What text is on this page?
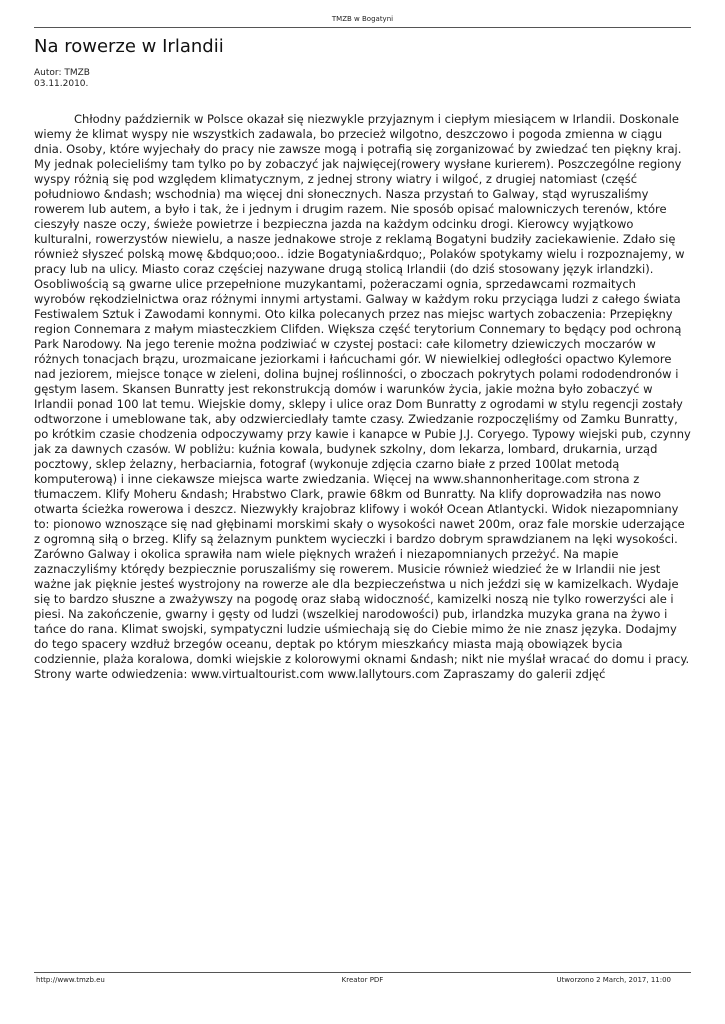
TMZB w Bogatyni
Na rowerze w Irlandii
Autor: TMZB
03.11.2010.
Chłodny październik w Polsce okazał się niezwykle przyjaznym i ciepłym miesiącem w Irlandii. Doskonale wiemy że klimat wyspy nie wszystkich zadawala, bo przecież wilgotno, deszczowo i pogoda zmienna w ciągu dnia. Osoby, które wyjechały do pracy nie zawsze mogą i potrafią się zorganizować by zwiedzać ten piękny kraj. My jednak polecieliśmy tam tylko po by zobaczyć jak najwięcej(rowery wysłane kurierem). Poszczególne regiony wyspy różnią się pod względem klimatycznym, z jednej strony wiatry i wilgoć, z drugiej natomiast (część południowo &ndash; wschodnia) ma więcej dni słonecznych. Nasza przystań to Galway, stąd wyruszaliśmy rowerem lub autem, a było i tak, że i jednym i drugim razem. Nie sposób opisać malowniczych terenów, które cieszyły nasze oczy, świeże powietrze i bezpieczna jazda na każdym odcinku drogi. Kierowcy wyjątkowo kulturalni, rowerzystów niewielu, a nasze jednakowe stroje z reklamą Bogatyni budziły zaciekawienie. Zdało się również słyszeć polską mowę &bdquo;ooo.. idzie Bogatynia&rdquo;, Polaków spotykamy wielu i rozpoznajemy, w pracy lub na ulicy. Miasto coraz częściej nazywane drugą stolicą Irlandii (do dziś stosowany język irlandzki). Osobliwością są gwarne ulice przepełnione muzykantami, pożeraczami ognia, sprzedawcami rozmaitych wyrobów rękodzielnictwa oraz różnymi innymi artystami. Galway w każdym roku przyciąga ludzi z całego świata Festiwalem Sztuk i Zawodami konnymi. Oto kilka polecanych przez nas miejsc wartych zobaczenia: Przepiękny region Connemara z małym miasteczkiem Clifden. Większa część terytorium Connemary to będący pod ochroną Park Narodowy. Na jego terenie można podziwiać w czystej postaci: całe kilometry dziewiczych moczarów w różnych tonacjach brązu, urozmaicane jeziorkami i łańcuchami gór. W niewielkiej odległości opactwo Kylemore nad jeziorem, miejsce tonące w zieleni, dolina bujnej roślinności, o zboczach pokrytych polami rododendronów i gęstym lasem. Skansen Bunratty jest rekonstrukcją domów i warunków życia, jakie można było zobaczyć w Irlandii ponad 100 lat temu. Wiejskie domy, sklepy i ulice oraz Dom Bunratty z ogrodami w stylu regencji zostały odtworzone i umeblowane tak, aby odzwierciedlały tamte czasy. Zwiedzanie rozpoczęliśmy od Zamku Bunratty, po krótkim czasie chodzenia odpoczywamy przy kawie i kanapce w Pubie J.J. Coryego. Typowy wiejski pub, czynny jak za dawnych czasów. W pobliżu: kuźnia kowala, budynek szkolny, dom lekarza, lombard, drukarnia, urząd pocztowy, sklep żelazny, herbaciarnia, fotograf (wykonuje zdjęcia czarno białe z przed 100lat metodą komputerową) i inne ciekawsze miejsca warte zwiedzania. Więcej na www.shannonheritage.com strona z tłumaczem. Klify Moheru &ndash; Hrabstwo Clark, prawie 68km od Bunratty. Na klify doprowadziła nas nowo otwarta ścieżka rowerowa i deszcz. Niezwykły krajobraz klifowy i wokół Ocean Atlantycki. Widok niezapomniany to: pionowo wznoszące się nad głębinami morskimi skały o wysokości nawet 200m, oraz fale morskie uderzające z ogromną siłą o brzeg. Klify są żelaznym punktem wycieczki i bardzo dobrym sprawdzianem na lęki wysokości. Zarówno Galway i okolica sprawiła nam wiele pięknych wrażeń i niezapomnianych przeżyć. Na mapie zaznaczyliśmy którędy bezpiecznie poruszaliśmy się rowerem. Musicie również wiedzieć że w Irlandii nie jest ważne jak pięknie jesteś wystrojony na rowerze ale dla bezpieczeństwa u nich jeździ się w kamizelkach. Wydaje się to bardzo słuszne a zważywszy na pogodę oraz słabą widoczność, kamizelki noszą nie tylko rowerzyści ale i piesi. Na zakończenie, gwarny i gęsty od ludzi (wszelkiej narodowości) pub, irlandzka muzyka grana na żywo i tańce do rana. Klimat swojski, sympatyczni ludzie uśmiechają się do Ciebie mimo że nie znasz języka. Dodajmy do tego spacery wzdłuż brzegów oceanu, deptak po którym mieszkańcy miasta mają obowiązek bycia codziennie, plaża koralowa, domki wiejskie z kolorowymi oknami &ndash; nikt nie myślał wracać do domu i pracy.
Strony warte odwiedzenia: www.virtualtourist.com www.lallytours.com Zapraszamy do galerii zdjęć
http://www.tmzb.eu	Kreator PDF	Utworzono 2 March, 2017, 11:00
